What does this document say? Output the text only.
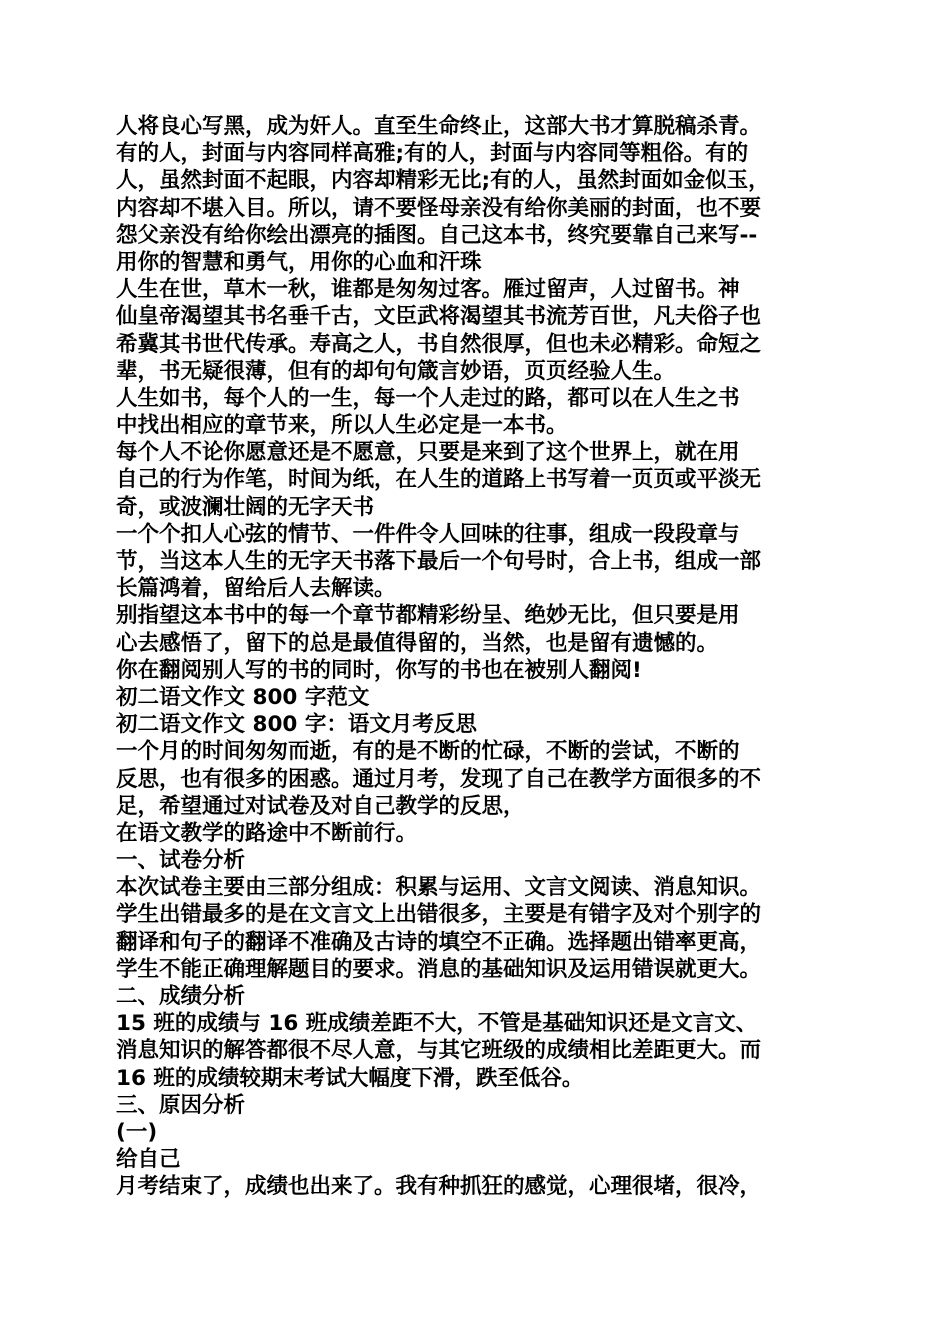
人将良心写黑，成为奸人。直至生命终止，这部大书才算脱稿杀青。
有的人，封面与内容同样高雅;有的人，封面与内容同等粗俗。有的
人，虽然封面不起眼，内容却精彩无比;有的人，虽然封面如金似玉，
内容却不堪入目。所以，请不要怪母亲没有给你美丽的封面，也不要
怨父亲没有给你绘出漂亮的插图。自己这本书，终究要靠自己来写--
用你的智慧和勇气，用你的心血和汗珠
人生在世，草木一秋，谁都是匆匆过客。雁过留声，人过留书。神
仙皇帝渴望其书名垂千古，文臣武将渴望其书流芳百世，凡夫俗子也
希冀其书世代传承。寿高之人，书自然很厚，但也未必精彩。命短之
辈，书无疑很薄，但有的却句句箴言妙语，页页经验人生。
人生如书，每个人的一生，每一个人走过的路，都可以在人生之书
中找出相应的章节来，所以人生必定是一本书。
每个人不论你愿意还是不愿意，只要是来到了这个世界上，就在用
自己的行为作笔，时间为纸，在人生的道路上书写着一页页或平淡无
奇，或波澜壮阔的无字天书
一个个扣人心弦的情节、一件件令人回味的往事，组成一段段章与
节，当这本人生的无字天书落下最后一个句号时，合上书，组成一部
长篇鸿着，留给后人去解读。
别指望这本书中的每一个章节都精彩纷呈、绝妙无比，但只要是用
心去感悟了，留下的总是最值得留的，当然，也是留有遗憾的。
你在翻阅别人写的书的同时，你写的书也在被别人翻阅!
初二语文作文 800 字范文
初二语文作文 800 字：语文月考反思
一个月的时间匆匆而逝，有的是不断的忙碌，不断的尝试，不断的
反思，也有很多的困惑。通过月考，发现了自己在教学方面很多的不
足，希望通过对试卷及对自己教学的反思，
在语文教学的路途中不断前行。
一、试卷分析
本次试卷主要由三部分组成：积累与运用、文言文阅读、消息知识。
学生出错最多的是在文言文上出错很多，主要是有错字及对个别字的
翻译和句子的翻译不准确及古诗的填空不正确。选择题出错率更高，
学生不能正确理解题目的要求。消息的基础知识及运用错误就更大。
二、成绩分析
15 班的成绩与 16 班成绩差距不大，不管是基础知识还是文言文、
消息知识的解答都很不尽人意，与其它班级的成绩相比差距更大。而
16 班的成绩较期末考试大幅度下滑，跌至低谷。
三、原因分析
(一)
给自己
月考结束了，成绩也出来了。我有种抓狂的感觉，心理很堵，很冷，
